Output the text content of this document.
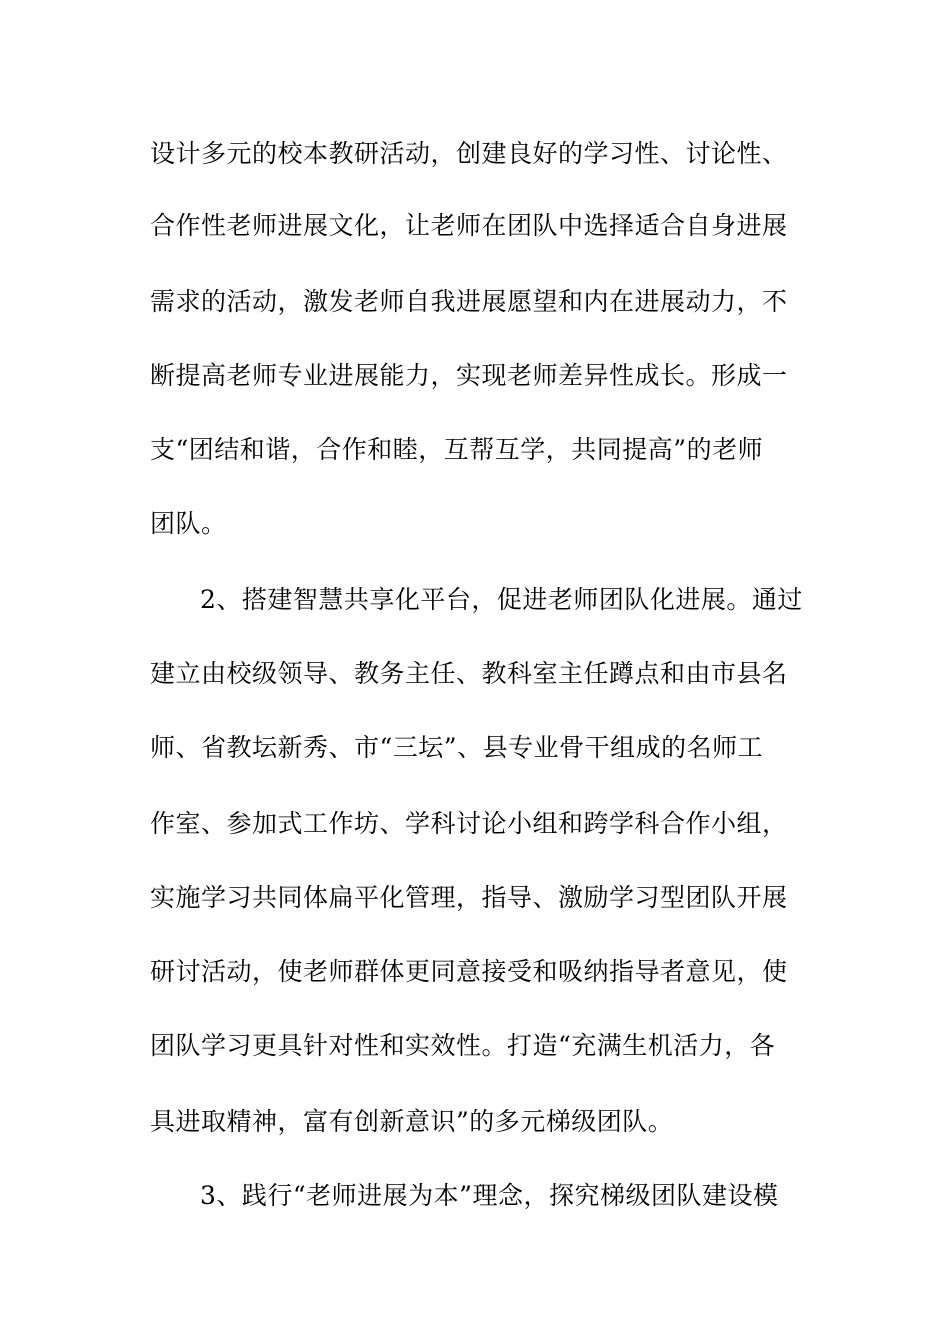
设计多元的校本教研活动，创建良好的学习性、讨论性、
合作性老师进展文化，让老师在团队中选择适合自身进展
需求的活动，激发老师自我进展愿望和内在进展动力，不
断提高老师专业进展能力，实现老师差异性成长。形成一
支“团结和谐，合作和睦，互帮互学，共同提高”的老师
团队。
2、搭建智慧共享化平台，促进老师团队化进展。通过
建立由校级领导、教务主任、教科室主任蹲点和由市县名
师、省教坛新秀、市“三坛”、县专业骨干组成的名师工
作室、参加式工作坊、学科讨论小组和跨学科合作小组，
实施学习共同体扁平化管理，指导、激励学习型团队开展
研讨活动，使老师群体更同意接受和吸纳指导者意见，使
团队学习更具针对性和实效性。打造“充满生机活力，各
具进取精神，富有创新意识”的多元梯级团队。
3、践行“老师进展为本”理念，探究梯级团队建设模
